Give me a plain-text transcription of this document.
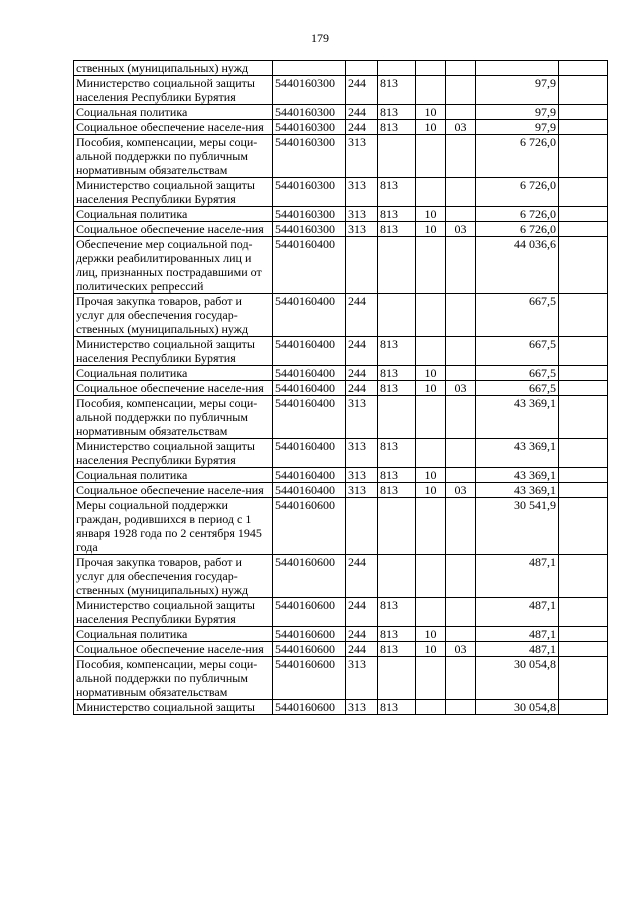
179
ственных (муниципальных) нужд							
Министерство социальной защиты населения Республики Бурятия	5440160300	244	813			97,9	
Социальная политика	5440160300	244	813	10		97,9	
Социальное обеспечение населе-ния	5440160300	244	813	10	03	97,9	
Пособия, компенсации, меры соци-альной поддержки по публичным нормативным обязательствам	5440160300	313				6 726,0	
Министерство социальной защиты населения Республики Бурятия	5440160300	313	813			6 726,0	
Социальная политика	5440160300	313	813	10		6 726,0	
Социальное обеспечение населе-ния	5440160300	313	813	10	03	6 726,0	
Обеспечение мер социальной под-держки реабилитированных лиц и лиц, признанных пострадавшими от политических репрессий	5440160400					44 036,6	
Прочая закупка товаров, работ и услуг для обеспечения государ-ственных (муниципальных) нужд	5440160400	244				667,5	
Министерство социальной защиты населения Республики Бурятия	5440160400	244	813			667,5	
Социальная политика	5440160400	244	813	10		667,5	
Социальное обеспечение населе-ния	5440160400	244	813	10	03	667,5	
Пособия, компенсации, меры соци-альной поддержки по публичным нормативным обязательствам	5440160400	313				43 369,1	
Министерство социальной защиты населения Республики Бурятия	5440160400	313	813			43 369,1	
Социальная политика	5440160400	313	813	10		43 369,1	
Социальное обеспечение населе-ния	5440160400	313	813	10	03	43 369,1	
Меры социальной поддержки граждан, родившихся в период с 1 января 1928 года по 2 сентября 1945 года	5440160600					30 541,9	
Прочая закупка товаров, работ и услуг для обеспечения государ-ственных (муниципальных) нужд	5440160600	244				487,1	
Министерство социальной защиты населения Республики Бурятия	5440160600	244	813			487,1	
Социальная политика	5440160600	244	813	10		487,1	
Социальное обеспечение населе-ния	5440160600	244	813	10	03	487,1	
Пособия, компенсации, меры соци-альной поддержки по публичным нормативным обязательствам	5440160600	313				30 054,8	
Министерство социальной защиты	5440160600	313	813			30 054,8	
